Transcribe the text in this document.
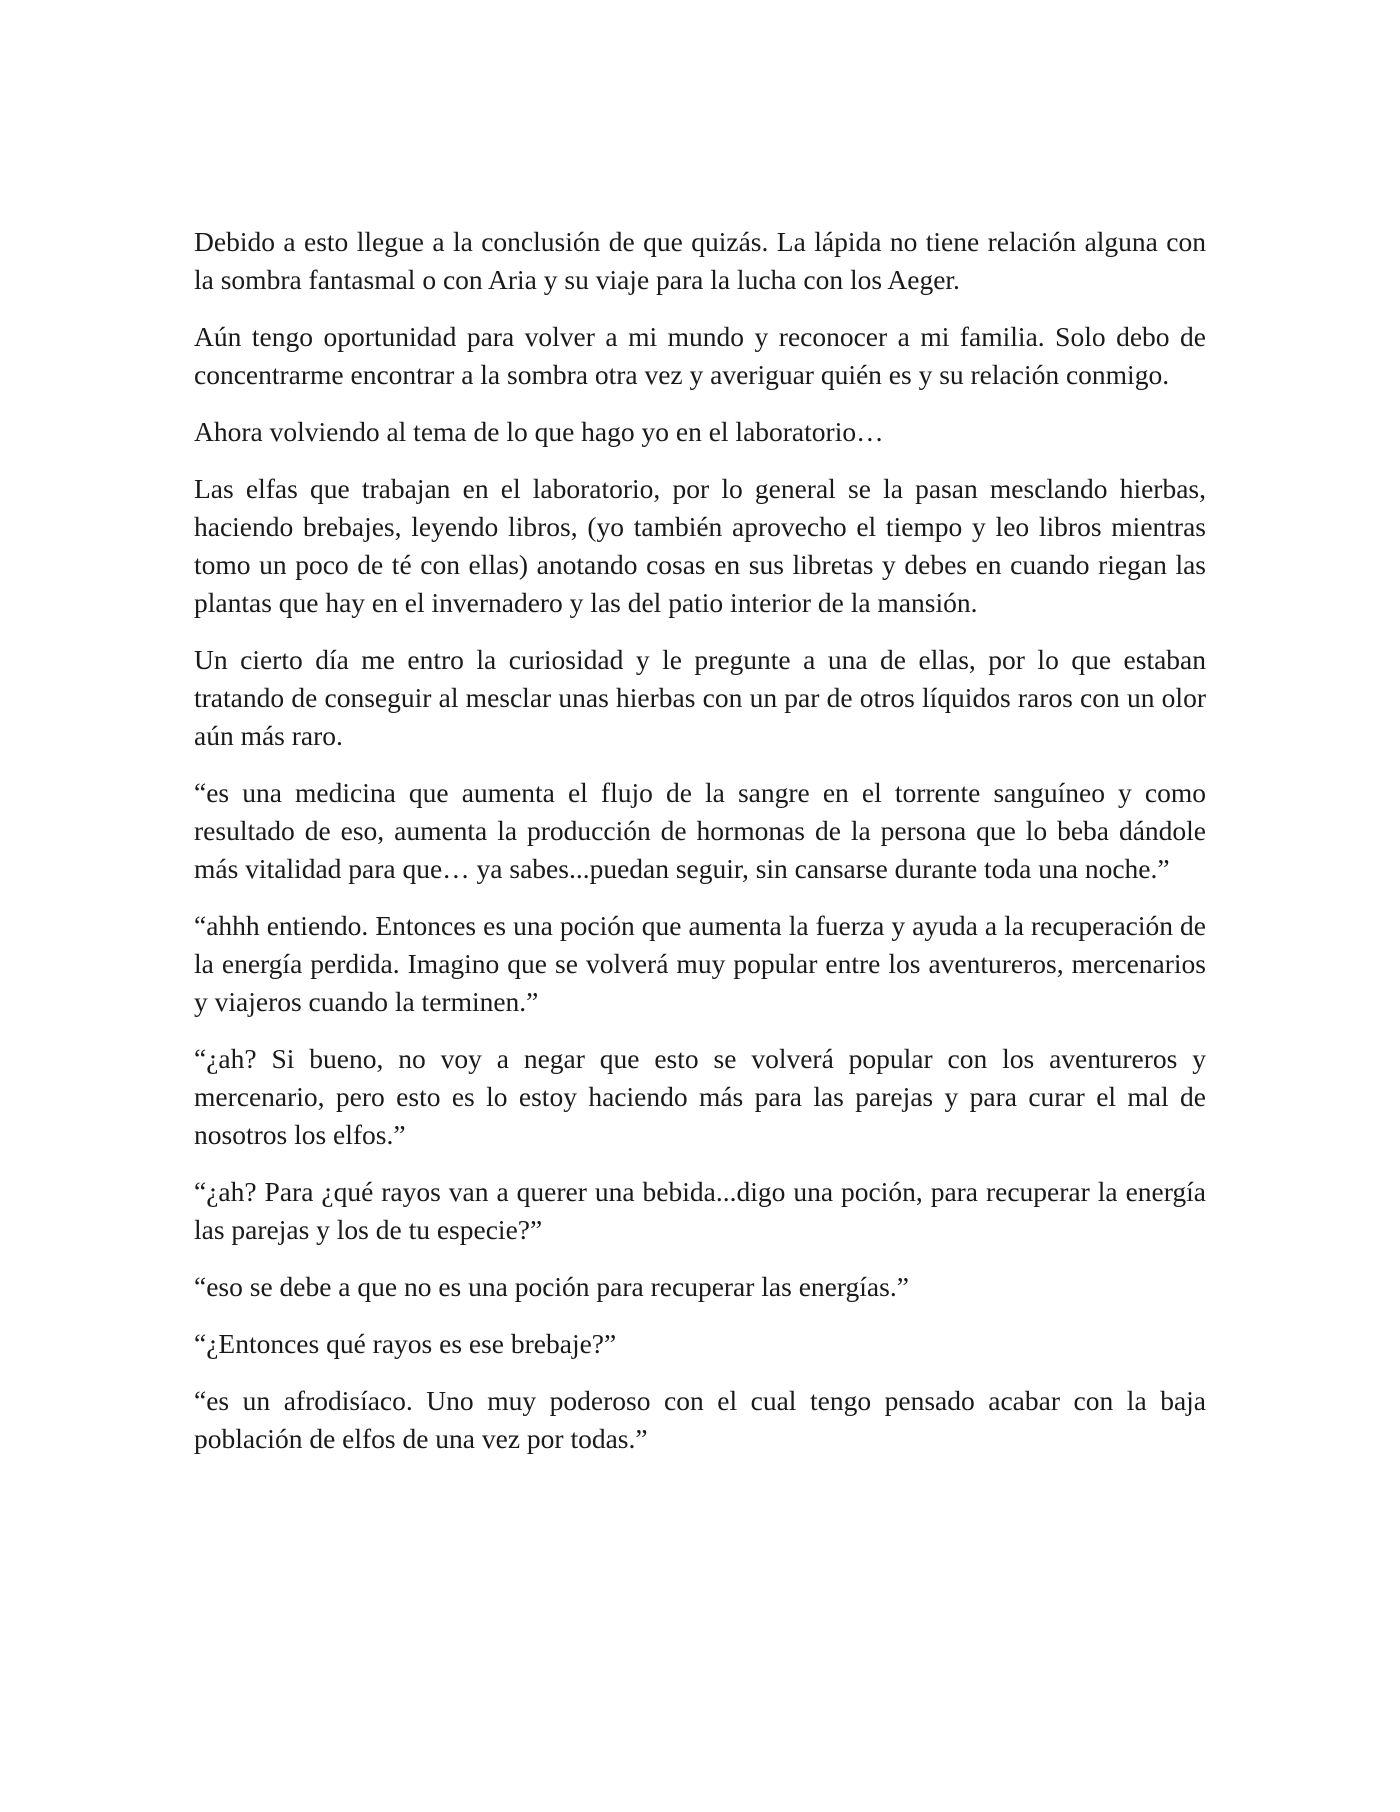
Debido a esto llegue a la conclusión de que quizás. La lápida no tiene relación alguna con la sombra fantasmal o con Aria y su viaje para la lucha con los Aeger.

Aún tengo oportunidad para volver a mi mundo y reconocer a mi familia. Solo debo de concentrarme encontrar a la sombra otra vez y averiguar quién es y su relación conmigo.

Ahora volviendo al tema de lo que hago yo en el laboratorio…

Las elfas que trabajan en el laboratorio, por lo general se la pasan mesclando hierbas, haciendo brebajes, leyendo libros, (yo también aprovecho el tiempo y leo libros mientras tomo un poco de té con ellas) anotando cosas en sus libretas y debes en cuando riegan las plantas que hay en el invernadero y las del patio interior de la mansión.

Un cierto día me entro la curiosidad y le pregunte a una de ellas, por lo que estaban tratando de conseguir al mesclar unas hierbas con un par de otros líquidos raros con un olor aún más raro.

“es una medicina que aumenta el flujo de la sangre en el torrente sanguíneo y como resultado de eso, aumenta la producción de hormonas de la persona que lo beba dándole más vitalidad para que… ya sabes...puedan seguir, sin cansarse durante toda una noche.”

“ahhh entiendo. Entonces es una poción que aumenta la fuerza y ayuda a la recuperación de la energía perdida. Imagino que se volverá muy popular entre los aventureros, mercenarios y viajeros cuando la terminen.”

“¿ah? Si bueno, no voy a negar que esto se volverá popular con los aventureros y mercenario, pero esto es lo estoy haciendo más para las parejas y para curar el mal de nosotros los elfos.”

“¿ah? Para ¿qué rayos van a querer una bebida...digo una poción, para recuperar la energía las parejas y los de tu especie?”

“eso se debe a que no es una poción para recuperar las energías.”

“¿Entonces qué rayos es ese brebaje?”

“es un afrodisíaco. Uno muy poderoso con el cual tengo pensado acabar con la baja población de elfos de una vez por todas.”
